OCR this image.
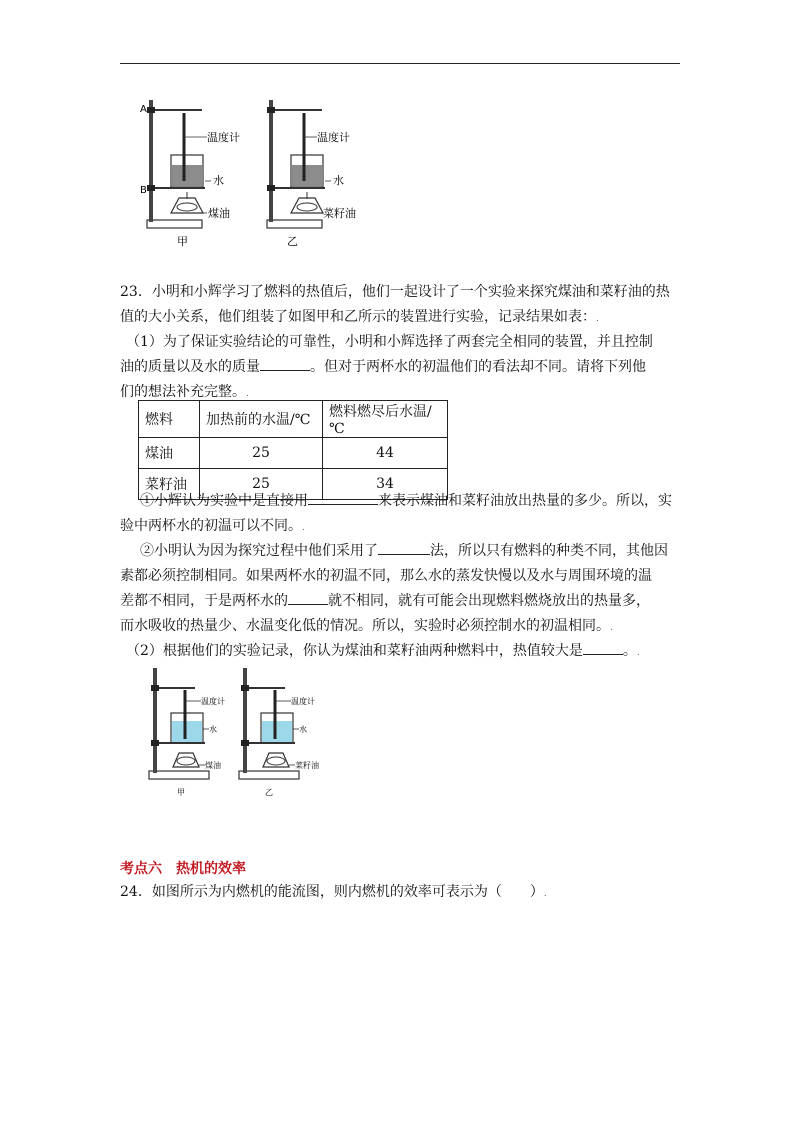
A
B
温度计
水
煤油
甲
温度计
水
菜籽油
乙
23．小明和小辉学习了燃料的热值后，他们一起设计了一个实验来探究煤油和菜籽油的热
值的大小关系，他们组装了如图甲和乙所示的装置进行实验，记录结果如表：.
（1）为了保证实验结论的可靠性，小明和小辉选择了两套完全相同的装置，并且控制
油的质量以及水的质量	。但对于两杯水的初温他们的看法却不同。请将下列他
们的想法补充完整。.
燃料	加热前的水温/℃	燃料燃尽后水温/℃
煤油	25	44
菜籽油	25	34
①小辉认为实验中是直接用	来表示煤油和菜籽油放出热量的多少。所以，实
验中两杯水的初温可以不同。.
②小明认为因为探究过程中他们采用了	法，所以只有燃料的种类不同，其他因
素都必须控制相同。如果两杯水的初温不同，那么水的蒸发快慢以及水与周围环境的温
差都不相同，于是两杯水的	就不相同，就有可能会出现燃料燃烧放出的热量多，
而水吸收的热量少、水温变化低的情况。所以，实验时必须控制水的初温相同。.
（2）根据他们的实验记录，你认为煤油和菜籽油两种燃料中，热值较大是	。.
温度计
水
煤油
甲
温度计
水
菜籽油
乙
考点六　热机的效率
24．如图所示为内燃机的能流图，则内燃机的效率可表示为（　　）.
